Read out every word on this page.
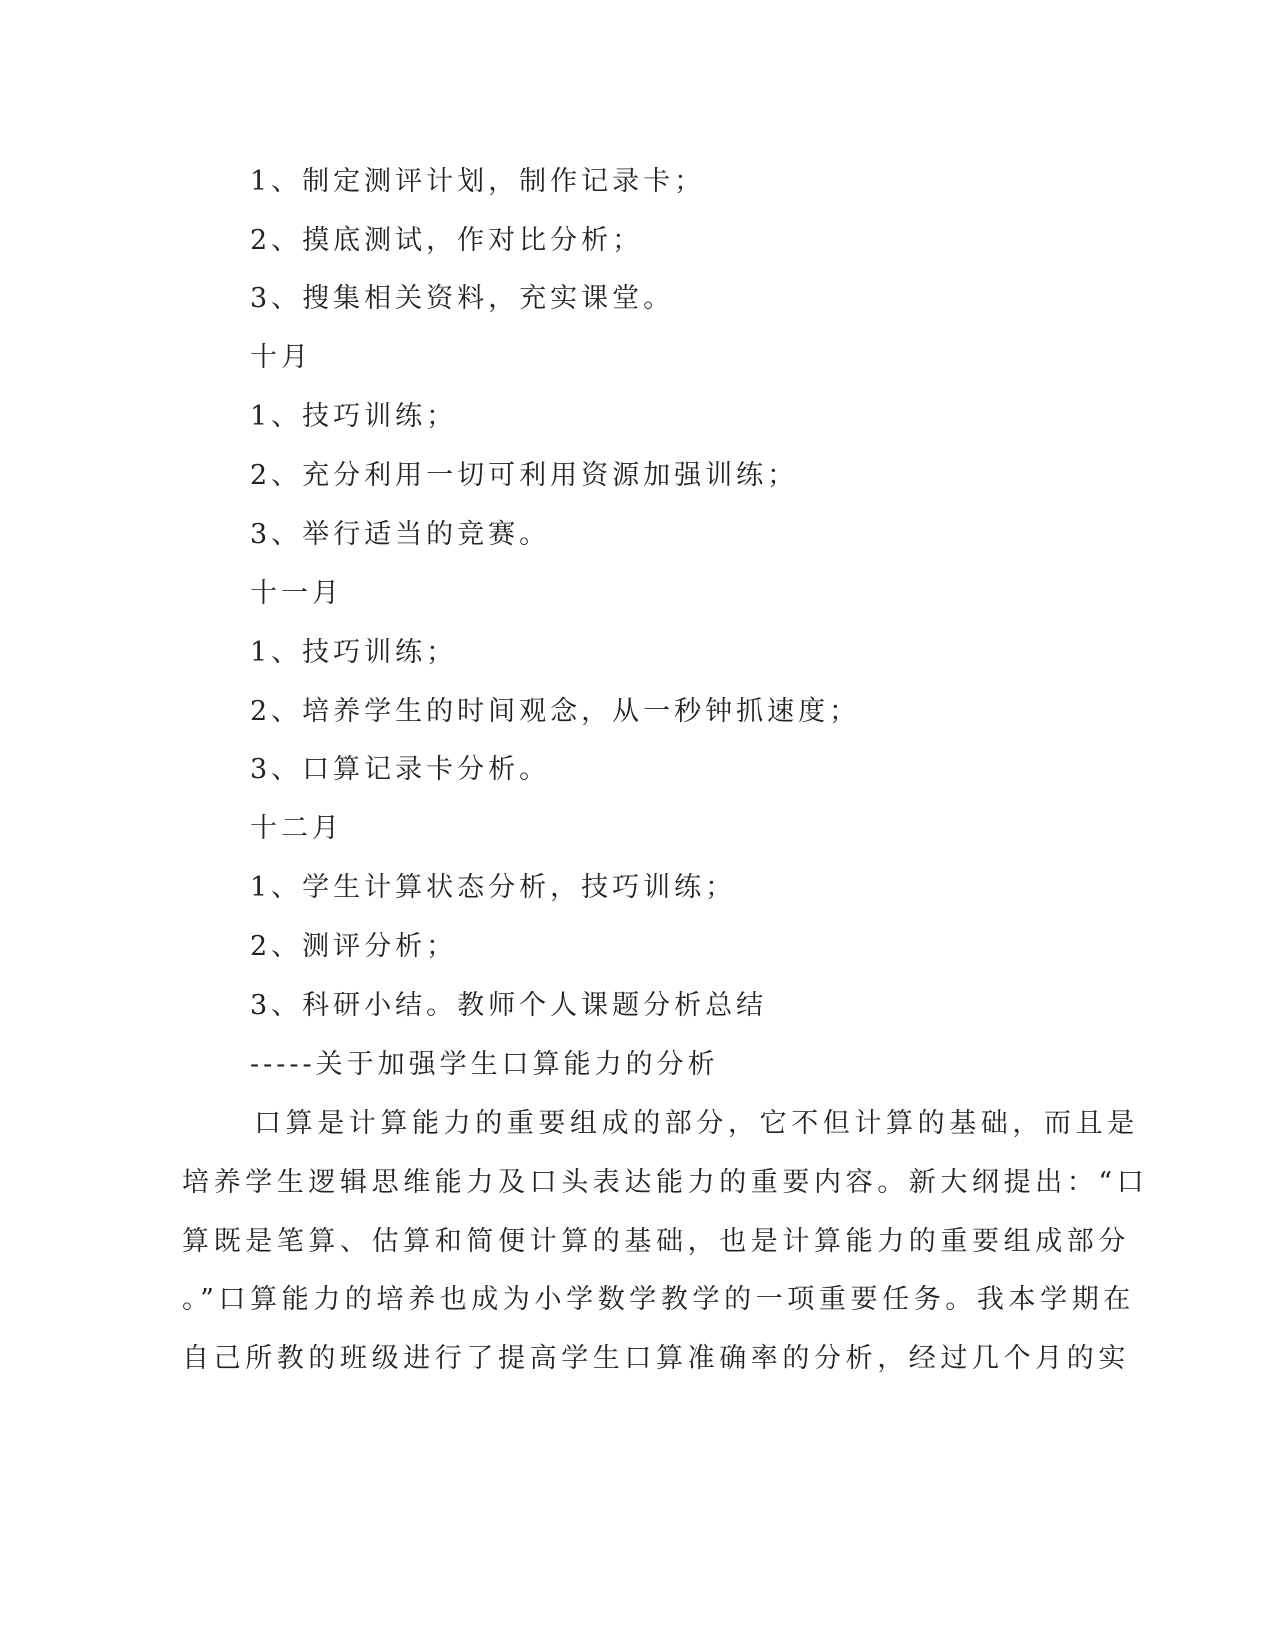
1、制定测评计划，制作记录卡；
2、摸底测试，作对比分析；
3、搜集相关资料，充实课堂。
十月
1、技巧训练；
2、充分利用一切可利用资源加强训练；
3、举行适当的竞赛。
十一月
1、技巧训练；
2、培养学生的时间观念，从一秒钟抓速度；
3、口算记录卡分析。
十二月
1、学生计算状态分析，技巧训练；
2、测评分析；
3、科研小结。教师个人课题分析总结
-----关于加强学生口算能力的分析
口算是计算能力的重要组成的部分，它不但计算的基础，而且是
培养学生逻辑思维能力及口头表达能力的重要内容。新大纲提出：“口
算既是笔算、估算和简便计算的基础，也是计算能力的重要组成部分
。”口算能力的培养也成为小学数学教学的一项重要任务。我本学期在
自己所教的班级进行了提高学生口算准确率的分析，经过几个月的实
